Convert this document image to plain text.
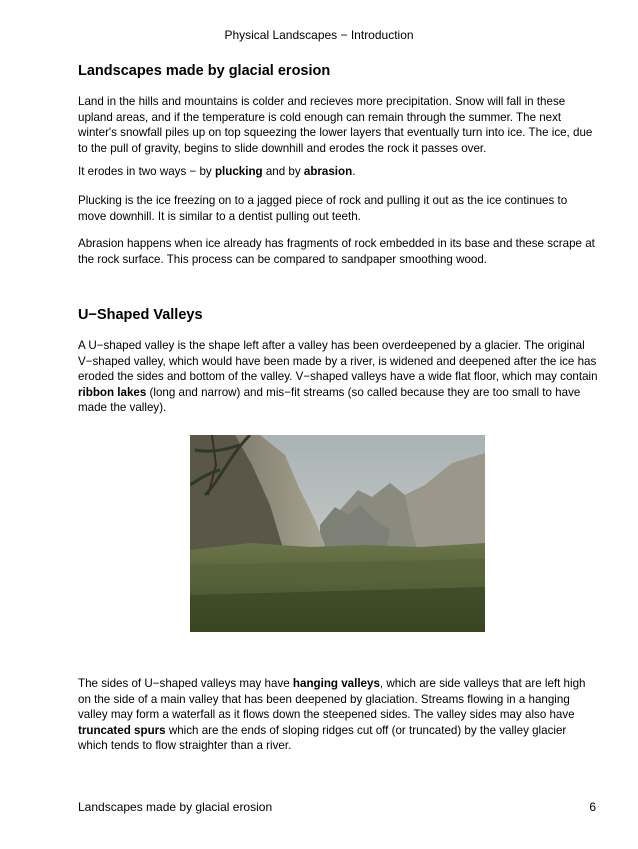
Physical Landscapes − Introduction
Landscapes made by glacial erosion

Land in the hills and mountains is colder and recieves more precipitation. Snow will fall in these upland areas, and if the temperature is cold enough can remain through the summer. The next winter's snowfall piles up on top squeezing the lower layers that eventually turn into ice. The ice, due to the pull of gravity, begins to slide downhill and erodes the rock it passes over.

It erodes in two ways − by plucking and by abrasion.

Plucking is the ice freezing on to a jagged piece of rock and pulling it out as the ice continues to move downhill. It is similar to a dentist pulling out teeth.

Abrasion happens when ice already has fragments of rock embedded in its base and these scrape at the rock surface. This process can be compared to sandpaper smoothing wood.

U−Shaped Valleys

A U−shaped valley is the shape left after a valley has been overdeepened by a glacier. The original V−shaped valley, which would have been made by a river, is widened and deepened after the ice has eroded the sides and bottom of the valley. V−shaped valleys have a wide flat floor, which may contain ribbon lakes (long and narrow) and mis−fit streams (so called because they are too small to have made the valley).

The sides of U−shaped valleys may have hanging valleys, which are side valleys that are left high on the side of a main valley that has been deepened by glaciation. Streams flowing in a hanging valley may form a waterfall as it flows down the steepened sides. The valley sides may also have truncated spurs which are the ends of sloping ridges cut off (or truncated) by the valley glacier which tends to flow straighter than a river.

Landscapes made by glacial erosion	6
